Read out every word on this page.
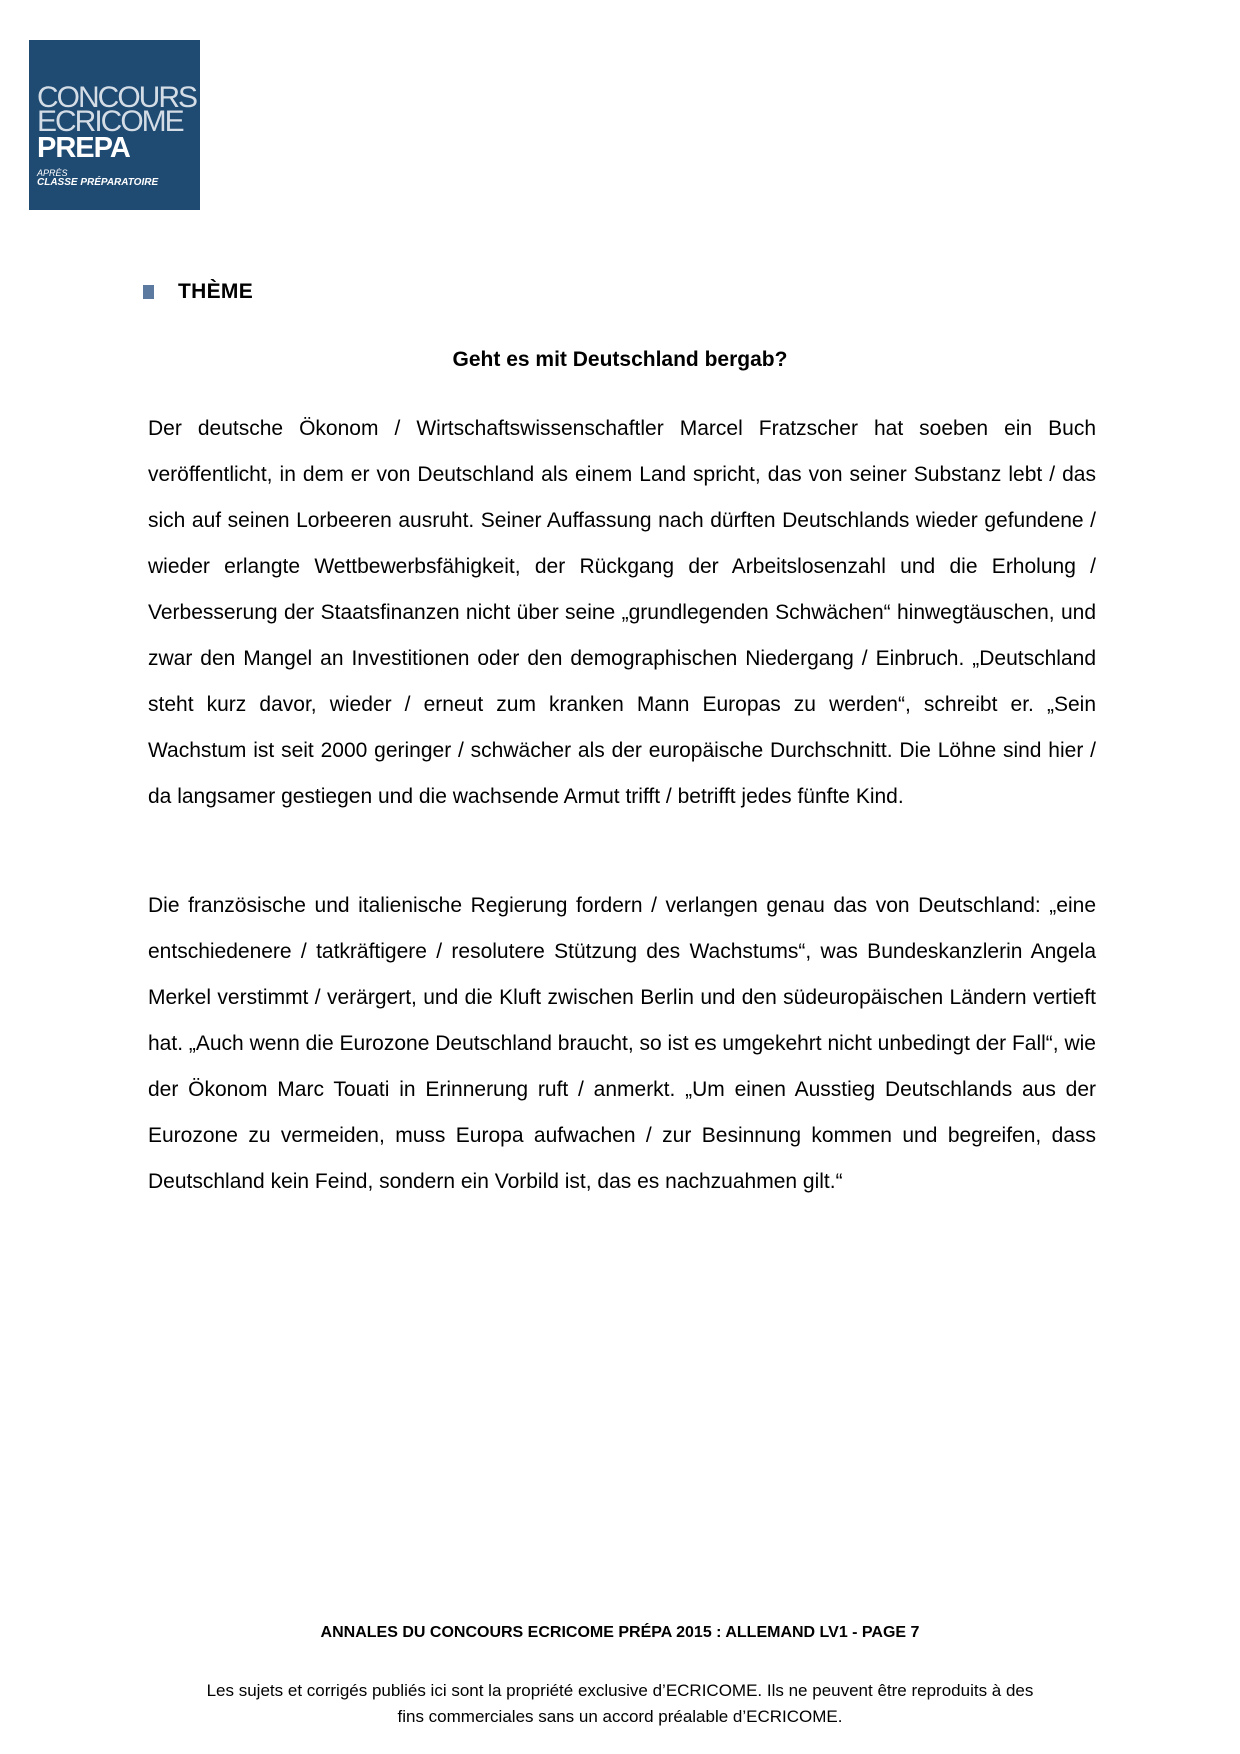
CONCOURS
ECRICOME
PREPA
APRÈS
CLASSE PRÉPARATOIRE
THÈME
Geht es mit Deutschland bergab?

Der deutsche Ökonom / Wirtschaftswissenschaftler Marcel Fratzscher hat soeben ein Buch veröffentlicht, in dem er von Deutschland als einem Land spricht, das von seiner Substanz lebt / das sich auf seinen Lorbeeren ausruht. Seiner Auffassung nach dürften Deutschlands wieder gefundene / wieder erlangte Wettbewerbsfähigkeit, der Rückgang der Arbeitslosenzahl und die Erholung / Verbesserung der Staatsfinanzen nicht über seine „grundlegenden Schwächen“ hinwegtäuschen, und zwar den Mangel an Investitionen oder den demographischen Niedergang / Einbruch. „Deutschland steht kurz davor, wieder / erneut zum kranken Mann Europas zu werden“, schreibt er. „Sein Wachstum ist seit 2000 geringer / schwächer als der europäische Durchschnitt. Die Löhne sind hier / da langsamer gestiegen und die wachsende Armut trifft / betrifft jedes fünfte Kind.

Die französische und italienische Regierung fordern / verlangen genau das von Deutschland: „eine entschiedenere / tatkräftigere / resolutere Stützung des Wachstums“, was Bundeskanzlerin Angela Merkel verstimmt / verärgert, und die Kluft zwischen Berlin und den südeuropäischen Ländern vertieft hat. „Auch wenn die Eurozone Deutschland braucht, so ist es umgekehrt nicht unbedingt der Fall“, wie der Ökonom Marc Touati in Erinnerung ruft / anmerkt. „Um einen Ausstieg Deutschlands aus der Eurozone zu vermeiden, muss Europa aufwachen / zur Besinnung kommen und begreifen, dass Deutschland kein Feind, sondern ein Vorbild ist, das es nachzuahmen gilt.“

ANNALES DU CONCOURS ECRICOME PRÉPA 2015 : ALLEMAND LV1 - PAGE 7
Les sujets et corrigés publiés ici sont la propriété exclusive d’ECRICOME. Ils ne peuvent être reproduits à des
fins commerciales sans un accord préalable d’ECRICOME.
